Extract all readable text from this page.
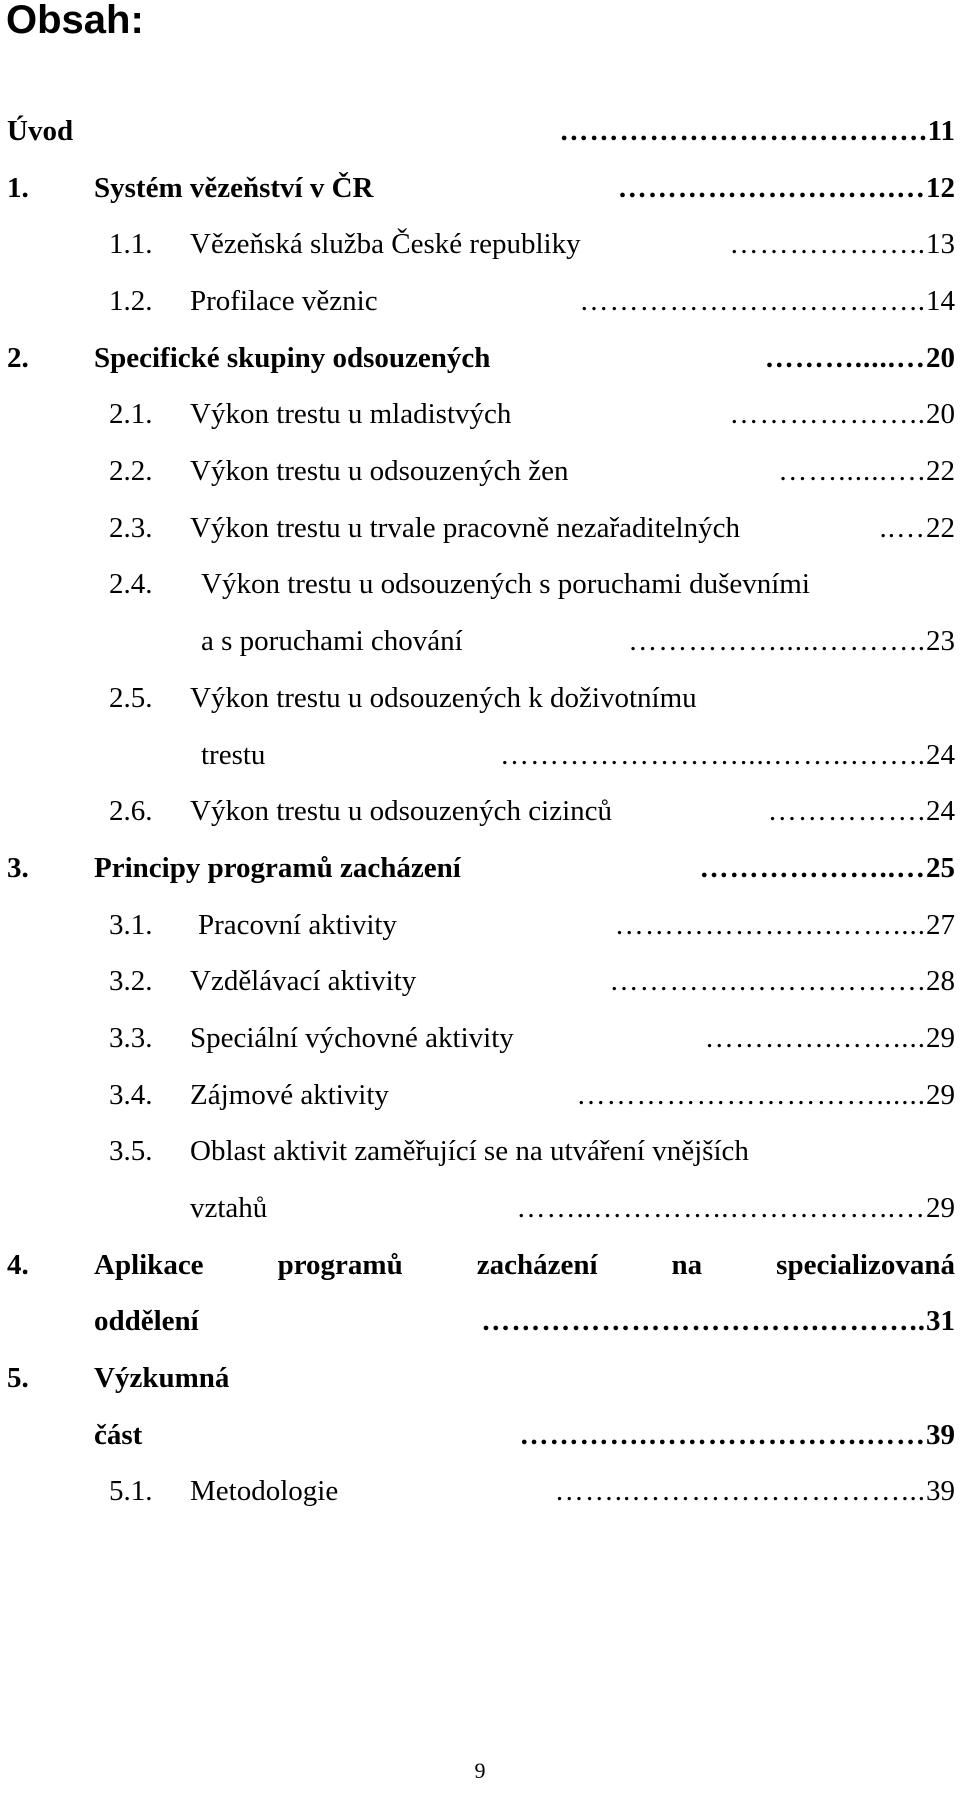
Obsah:
Úvod	………………………………. 11
1. Systém vězeňství v ČR	……………………….… 12
1.1. Vězeňská služba České republiky	……………….. 13
1.2. Profilace věznic	…………………………….. 14
2. Specifické skupiny odsouzených	……….....… 20
2.1. Výkon trestu u mladistvých	……………….. 20
2.2. Výkon trestu u odsouzených žen	……......…. 22
2.3. Výkon trestu u trvale pracovně nezařaditelných	..… 22
2.4. Výkon trestu u odsouzených s poruchami duševními
a s poruchami chování	…………….....……….. 23
2.5. Výkon trestu u odsouzených k doživotnímu
trestu	……………………....……..…….. 24
2.6. Výkon trestu u odsouzených cizinců	……………. 24
3. Principy programů zacházení	………………..… 25
3.1. Pracovní aktivity	………………….…….... 27
3.2. Vzdělávací aktivity	………….………………. 28
3.3. Speciální výchovné aktivity	………….…….... 29
3.4. Zájmové aktivity	…………………………...... 29
3.5. Oblast aktivit zaměřující se na utváření vnějších
vztahů	……..…………..……………..… 29
4. Aplikace	programů	zacházení	na	specializovaná
oddělení	…………………………….……….. 31
5. Výzkumná
část	………….………………….…… 39
5.1. Metodologie	……..………………………... 39
9
